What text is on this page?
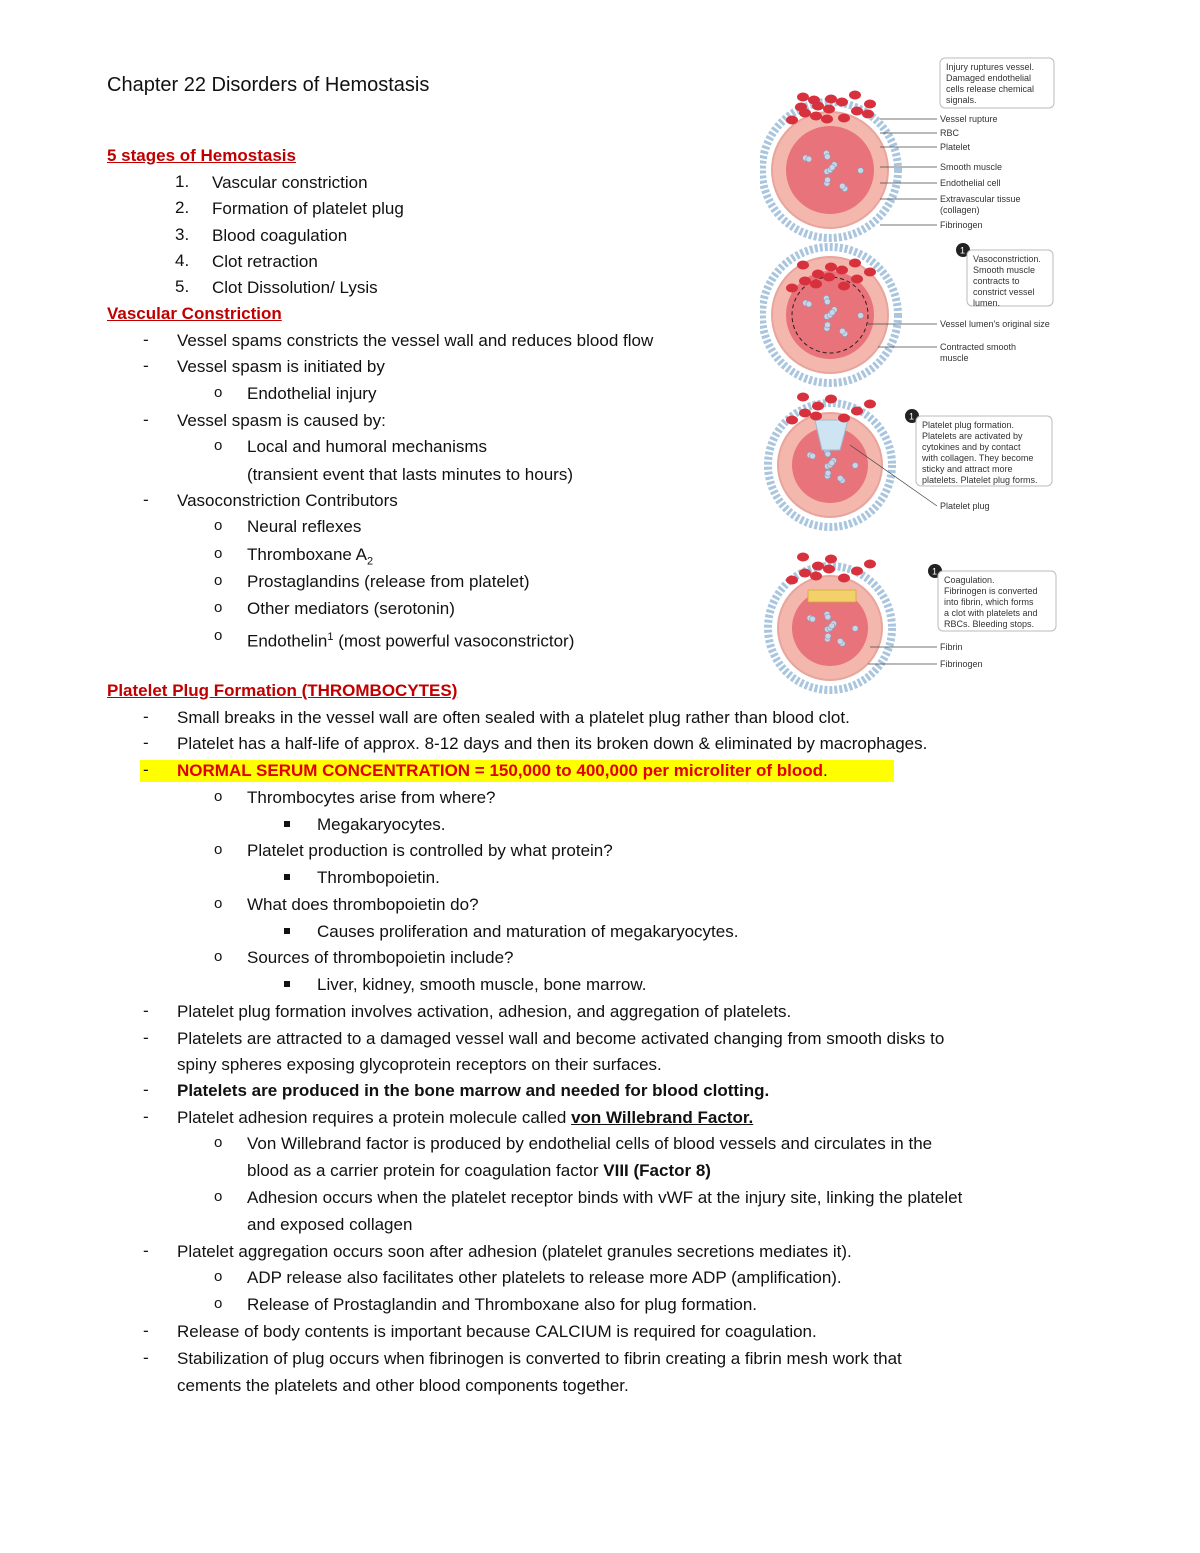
Chapter 22 Disorders of Hemostasis
5 stages of Hemostasis
1. Vascular constriction
2. Formation of platelet plug
3. Blood coagulation
4. Clot retraction
5. Clot Dissolution/ Lysis
Vascular Constriction
- Vessel spams constricts the vessel wall and reduces blood flow
- Vessel spasm is initiated by
o Endothelial injury
- Vessel spasm is caused by:
o Local and humoral mechanisms
(transient event that lasts minutes to hours)
- Vasoconstriction Contributors
o Neural reflexes
o Thromboxane $A_2$
o Prostaglandins (release from platelet)
o Other mediators (serotonin)
o Endothelin$^1$ (most powerful vasoconstrictor)
Platelet Plug Formation (THROMBOCYTES)
- Small breaks in the vessel wall are often sealed with a platelet plug rather than blood clot.
- Platelet has a half-life of approx. 8-12 days and then its broken down & eliminated by macrophages.
- NORMAL SERUM CONCENTRATION = 150,000 to 400,000 per microliter of blood.
o Thrombocytes arise from where?
Megakaryocytes.
o Platelet production is controlled by what protein?
Thrombopoietin.
o What does thrombopoietin do?
Causes proliferation and maturation of megakaryocytes.
o Sources of thrombopoietin include?
Liver, kidney, smooth muscle, bone marrow.
- Platelet plug formation involves activation, adhesion, and aggregation of platelets.
- Platelets are attracted to a damaged vessel wall and become activated changing from smooth disks to
spiny spheres exposing glycoprotein receptors on their surfaces.
- Platelets are produced in the bone marrow and needed for blood clotting.
- Platelet adhesion requires a protein molecule called von Willebrand Factor.
o Von Willebrand factor is produced by endothelial cells of blood vessels and circulates in the
blood as a carrier protein for coagulation factor VIII (Factor 8)
o Adhesion occurs when the platelet receptor binds with vWF at the injury site, linking the platelet
and exposed collagen
- Platelet aggregation occurs soon after adhesion (platelet granules secretions mediates it).
o ADP release also facilitates other platelets to release more ADP (amplification).
o Release of Prostaglandin and Thromboxane also for plug formation.
- Release of body contents is important because CALCIUM is required for coagulation.
- Stabilization of plug occurs when fibrinogen is converted to fibrin creating a fibrin mesh work that
cements the platelets and other blood components together.
Injury ruptures vessel.
Damaged endothelial
cells release chemical
signals.
Vessel rupture
RBC
Platelet
Smooth muscle
Endothelial cell
Extravascular tissue
(collagen)
Fibrinogen
1
Vasoconstriction.
Smooth muscle
contracts to
constrict vessel
lumen.
Vessel lumen's original size
Contracted smooth
muscle
1
Platelet plug formation.
Platelets are activated by
cytokines and by contact
with collagen. They become
sticky and attract more
platelets. Platelet plug forms.
Platelet plug
1
Coagulation.
Fibrinogen is converted
into fibrin, which forms
a clot with platelets and
RBCs. Bleeding stops.
Fibrin
Fibrinogen
